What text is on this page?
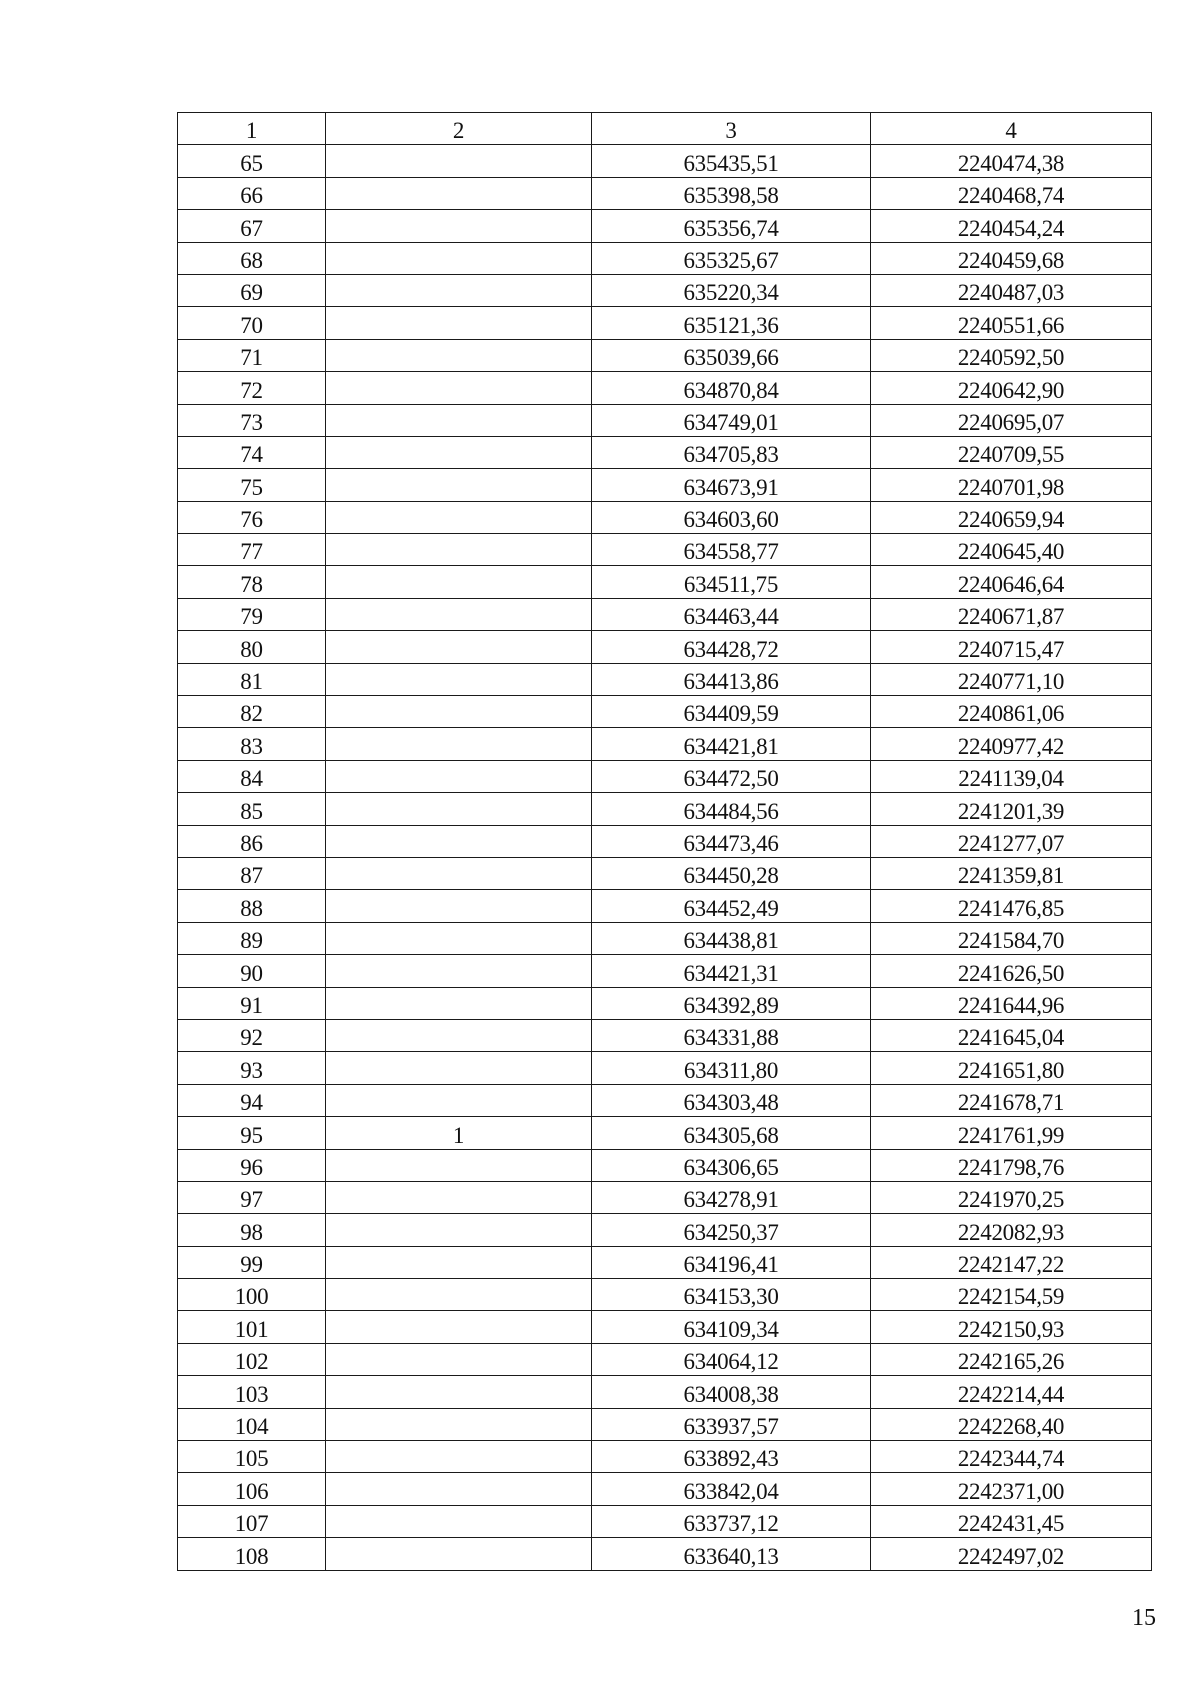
1	2	3	4
65		635435,51	2240474,38
66		635398,58	2240468,74
67		635356,74	2240454,24
68		635325,67	2240459,68
69		635220,34	2240487,03
70		635121,36	2240551,66
71		635039,66	2240592,50
72		634870,84	2240642,90
73		634749,01	2240695,07
74		634705,83	2240709,55
75		634673,91	2240701,98
76		634603,60	2240659,94
77		634558,77	2240645,40
78		634511,75	2240646,64
79		634463,44	2240671,87
80		634428,72	2240715,47
81		634413,86	2240771,10
82		634409,59	2240861,06
83		634421,81	2240977,42
84		634472,50	2241139,04
85		634484,56	2241201,39
86		634473,46	2241277,07
87		634450,28	2241359,81
88		634452,49	2241476,85
89		634438,81	2241584,70
90		634421,31	2241626,50
91		634392,89	2241644,96
92		634331,88	2241645,04
93		634311,80	2241651,80
94		634303,48	2241678,71
95	1	634305,68	2241761,99
96		634306,65	2241798,76
97		634278,91	2241970,25
98		634250,37	2242082,93
99		634196,41	2242147,22
100		634153,30	2242154,59
101		634109,34	2242150,93
102		634064,12	2242165,26
103		634008,38	2242214,44
104		633937,57	2242268,40
105		633892,43	2242344,74
106		633842,04	2242371,00
107		633737,12	2242431,45
108		633640,13	2242497,02
15
